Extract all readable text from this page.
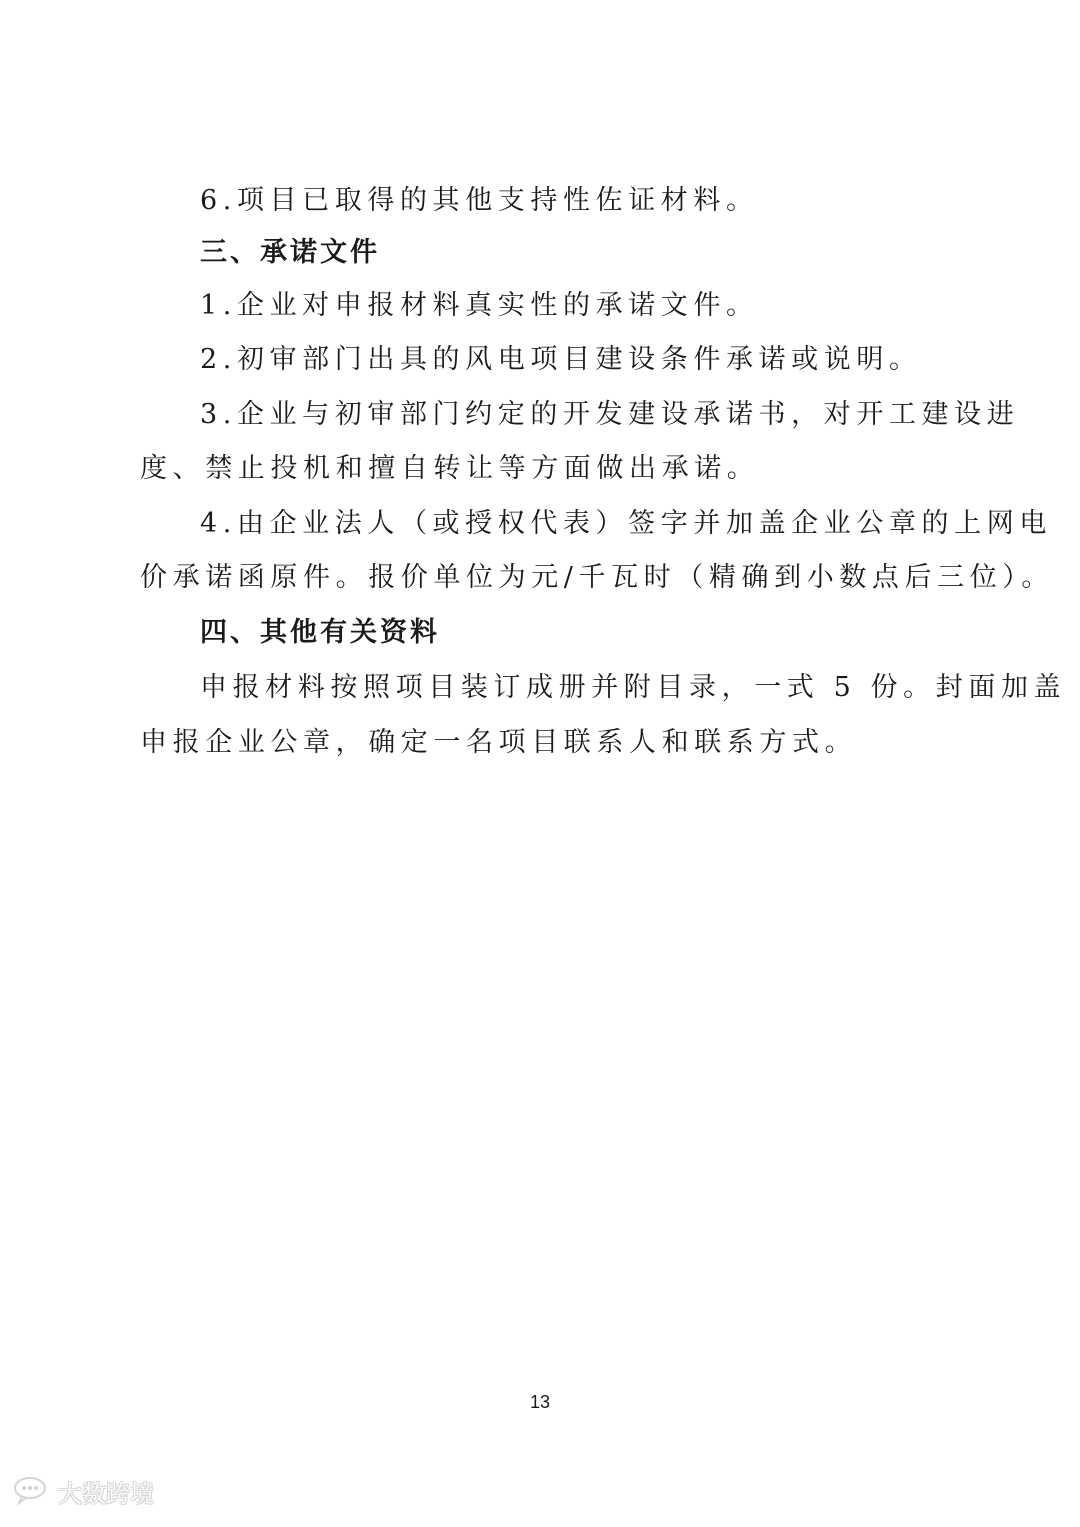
6.项目已取得的其他支持性佐证材料。
三、承诺文件
1.企业对申报材料真实性的承诺文件。
2.初审部门出具的风电项目建设条件承诺或说明。
3.企业与初审部门约定的开发建设承诺书，对开工建设进
度、禁止投机和擅自转让等方面做出承诺。
4.由企业法人（或授权代表）签字并加盖企业公章的上网电
价承诺函原件。报价单位为元/千瓦时（精确到小数点后三位）。
四、其他有关资料
申报材料按照项目装订成册并附目录，一式 5 份。封面加盖
申报企业公章，确定一名项目联系人和联系方式。
13
大数跨境
